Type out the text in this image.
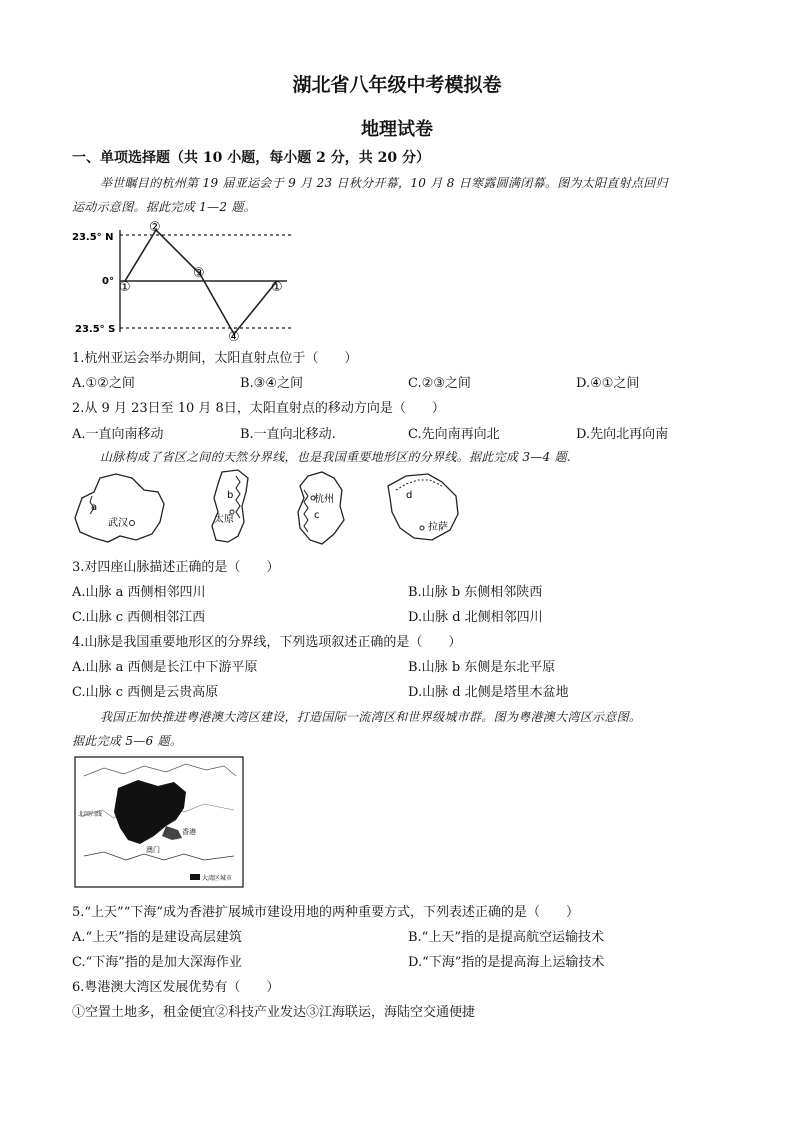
湖北省八年级中考模拟卷
地理试卷
一、单项选择题（共 10 小题，每小题 2 分，共 20 分）
举世瞩目的杭州第 19 届亚运会于 9 月 23 日秋分开幕，10 月 8 日寒露圆满闭幕。图为太阳直射点回归
运动示意图。据此完成 1—2 题。
23.5° N
0°
23.5° S
①
②
③
④
①
1.杭州亚运会举办期间，太阳直射点位于（　　）
A.①②之间	B.③④之间	C.②③之间	D.④①之间
2.从 9 月 23日至 10 月 8日，太阳直射点的移动方向是（　　）
A.一直向南移动	B.一直向北移动.	C.先向南再向北	D.先向北再向南
山脉构成了省区之间的天然分界线，也是我国重要地形区的分界线。据此完成 3—4 题.
a
武汉
b
太原
杭州
c
d
拉萨
3.对四座山脉描述正确的是（　　）
A.山脉 a 西侧相邻四川	B.山脉 b 东侧相邻陕西
C.山脉 c 西侧相邻江西	D.山脉 d 北侧相邻四川
4.山脉是我国重要地形区的分界线，下列选项叙述正确的是（　　）
A.山脉 a 西侧是长江中下游平原	B.山脉 b 东侧是东北平原
C.山脉 c 西侧是云贵高原	D.山脉 d 北侧是塔里木盆地
我国正加快推进粤港澳大湾区建设，打造国际一流湾区和世界级城市群。图为粤港澳大湾区示意图。
据此完成 5—6 题。
北回归线
香港
澳门
大湾区城市
5.“上天”“下海”成为香港扩展城市建设用地的两种重要方式，下列表述正确的是（　　）
A.“上天”指的是建设高层建筑	B.“上天”指的是提高航空运输技术
C.“下海”指的是加大深海作业	D.“下海”指的是提高海上运输技术
6.粤港澳大湾区发展优势有（　　）
①空置土地多，租金便宜②科技产业发达③江海联运，海陆空交通便捷
